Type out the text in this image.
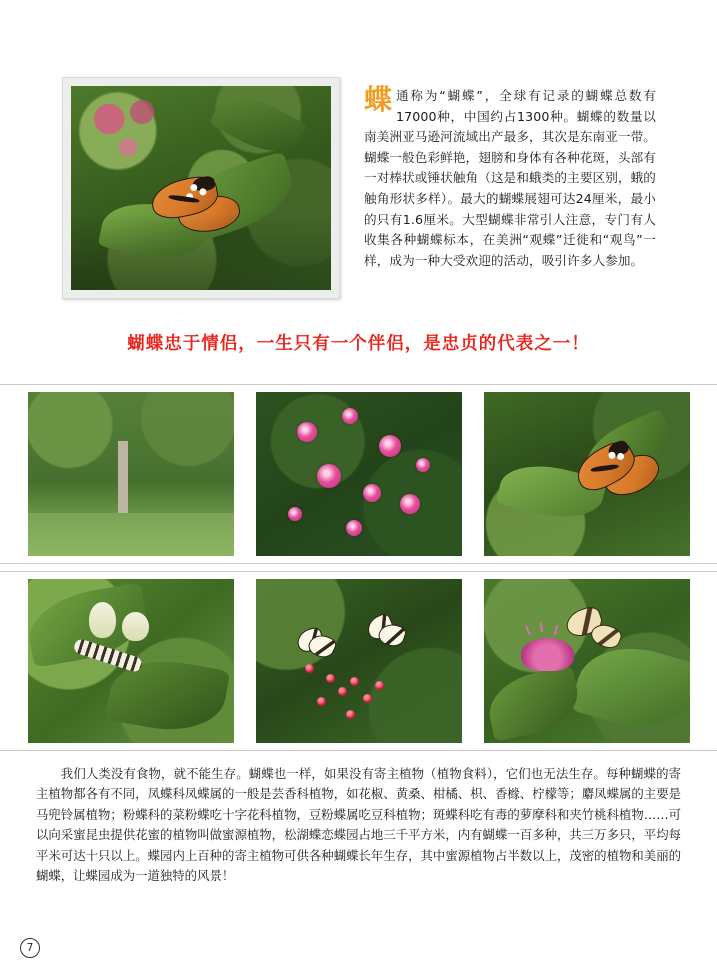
蝶 通称为“蝴蝶”，全球有记录的蝴蝶总数有17000种，中国约占1300种。蝴蝶的数量以南美洲亚马逊河流域出产最多，其次是东南亚一带。蝴蝶一般色彩鲜艳，翅膀和身体有各种花斑，头部有一对棒状或锤状触角（这是和蛾类的主要区别，蛾的触角形状多样）。最大的蝴蝶展翅可达24厘米，最小的只有1.6厘米。大型蝴蝶非常引人注意，专门有人收集各种蝴蝶标本，在美洲“观蝶”迁徙和“观鸟”一样，成为一种大受欢迎的活动，吸引许多人参加。
蝴蝶忠于情侣，一生只有一个伴侣，是忠贞的代表之一！

我们人类没有食物，就不能生存。蝴蝶也一样，如果没有寄主植物（植物食料），它们也无法生存。每种蝴蝶的寄主植物都各有不同，凤蝶科凤蝶属的一般是芸香科植物，如花椒、黄桑、柑橘、枳、香橼、柠檬等；麝凤蝶属的主要是马兜铃属植物；粉蝶科的菜粉蝶吃十字花科植物，豆粉蝶属吃豆科植物；斑蝶科吃有毒的萝摩科和夹竹桃科植物……可以向采蜜昆虫提供花蜜的植物叫做蜜源植物，松湖蝶恋蝶园占地三千平方米，内有蝴蝶一百多种，共三万多只，平均每平米可达十只以上。蝶园内上百种的寄主植物可供各种蝴蝶长年生存，其中蜜源植物占半数以上，茂密的植物和美丽的蝴蝶，让蝶园成为一道独特的风景！

7
